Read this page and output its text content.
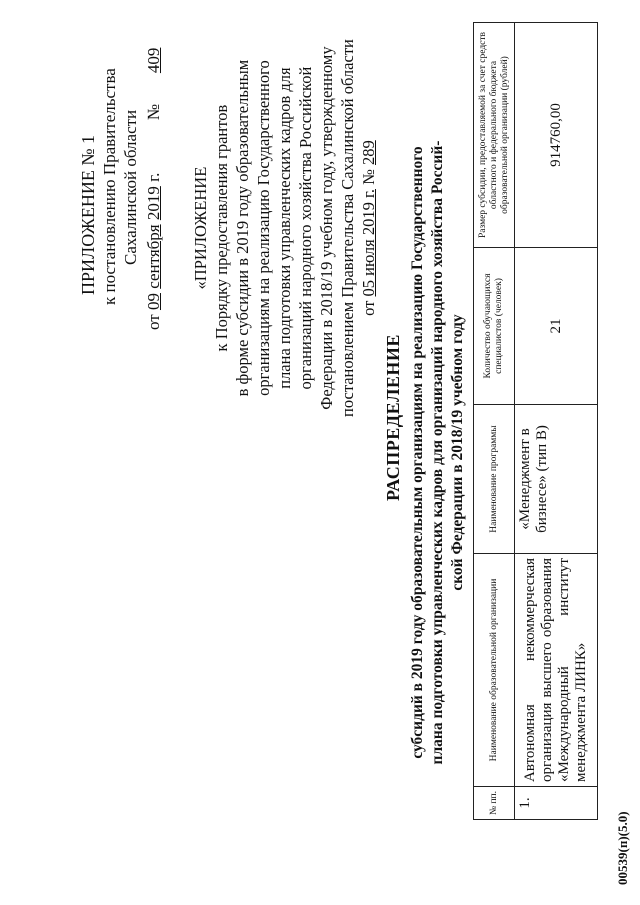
ПРИЛОЖЕНИЕ № 1 к постановлению Правительства Сахалинской области
от 09 сентября 2019 г.  № 409
«ПРИЛОЖЕНИЕ к Порядку предоставления грантов в форме субсидии в 2019 году образовательным организациям на реализацию Государственного плана подготовки управленческих кадров для организаций народного хозяйства Российской Федерации в 2018/19 учебном году, утвержденному постановлением Правительства Сахалинской области от 05 июля 2019 г. № 289
РАСПРЕДЕЛЕНИЕ субсидий в 2019 году образовательным организациям на реализацию Государственного плана подготовки управленческих кадров для организаций народного хозяйства Россий- ской Федерации в 2018/19 учебном году
№ пп.	Наименование образовательной организации	Наименование программы	Количество обучающихся специалистов (человек)	Размер субсидии, предоставляемой за счет средств областного и федерального бюджета образовательной организации (рублей)
1.	Автономная некоммерческая организация высшего образования «Международный институт менеджмента ЛИНК»	«Менеджмент в бизнесе» (тип В)	21	914760,00
00539(п)(5.0)
